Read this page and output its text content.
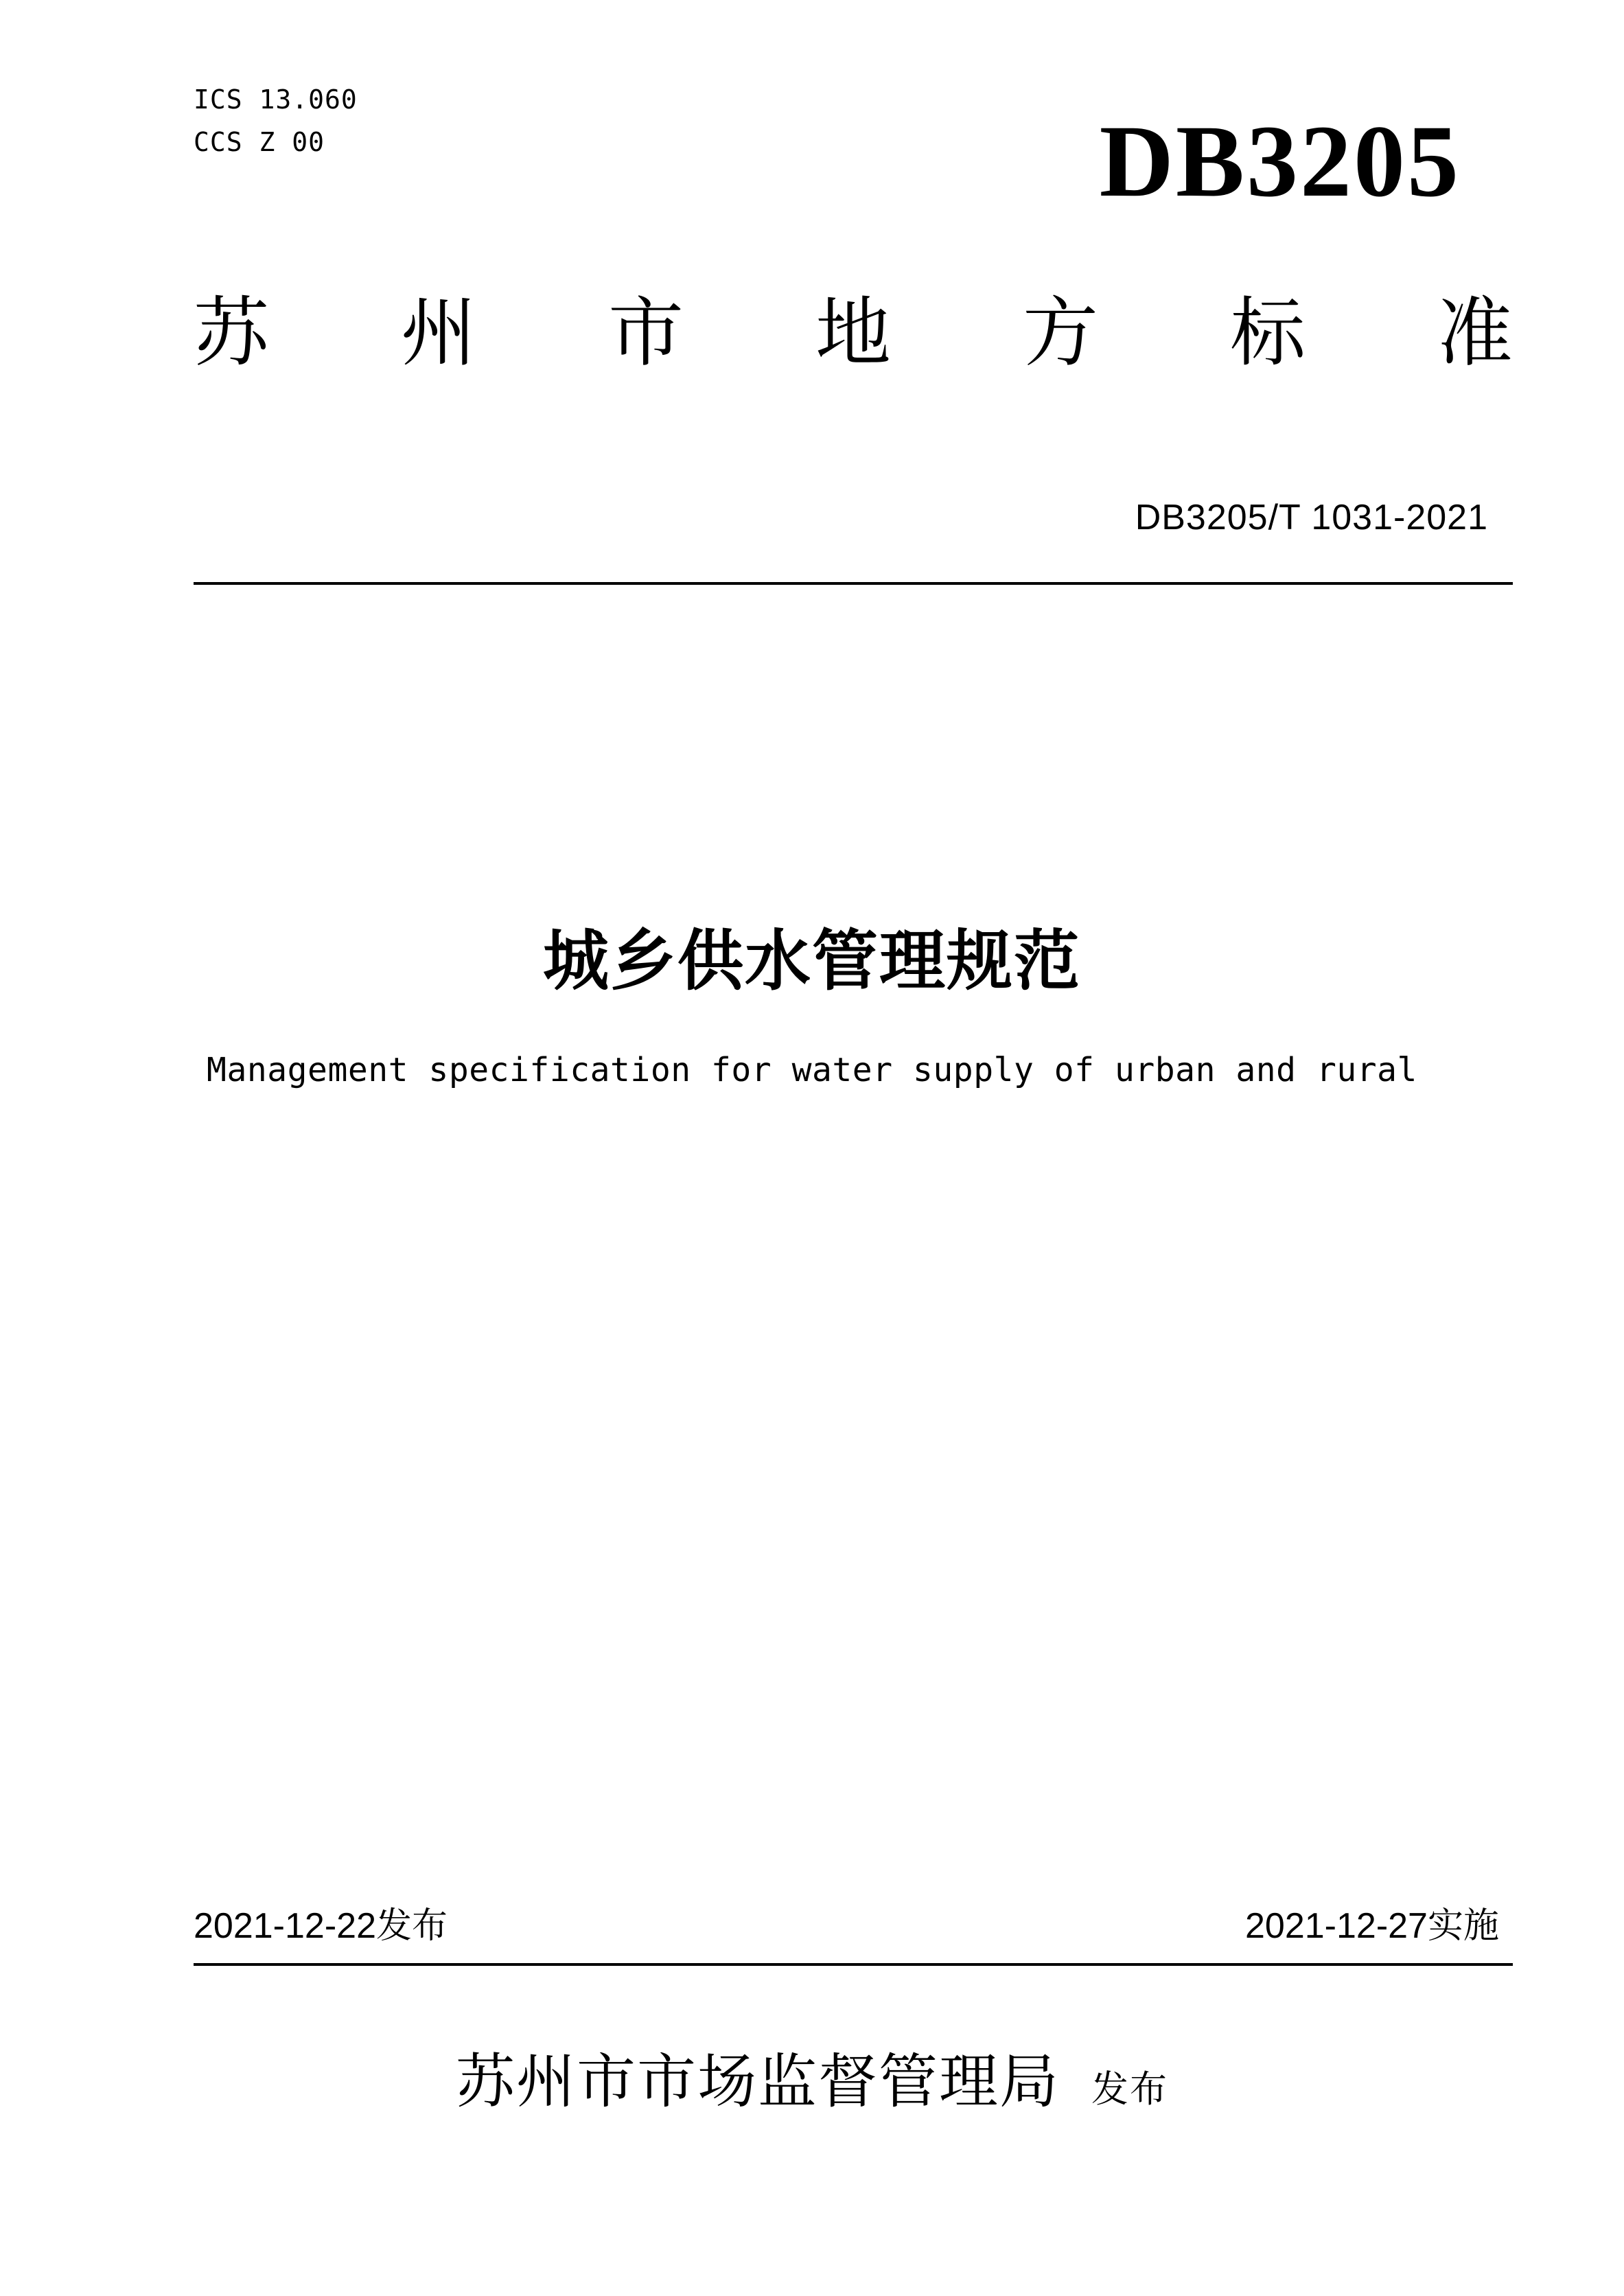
ICS 13.060
CCS Z 00	DB3205
苏 州 市 地 方 标 准
DB3205/T 1031-2021
城乡供水管理规范
Management specification for water supply of urban and rural
2021-12-22发布	2021-12-27实施
苏州市市场监督管理局 发布
